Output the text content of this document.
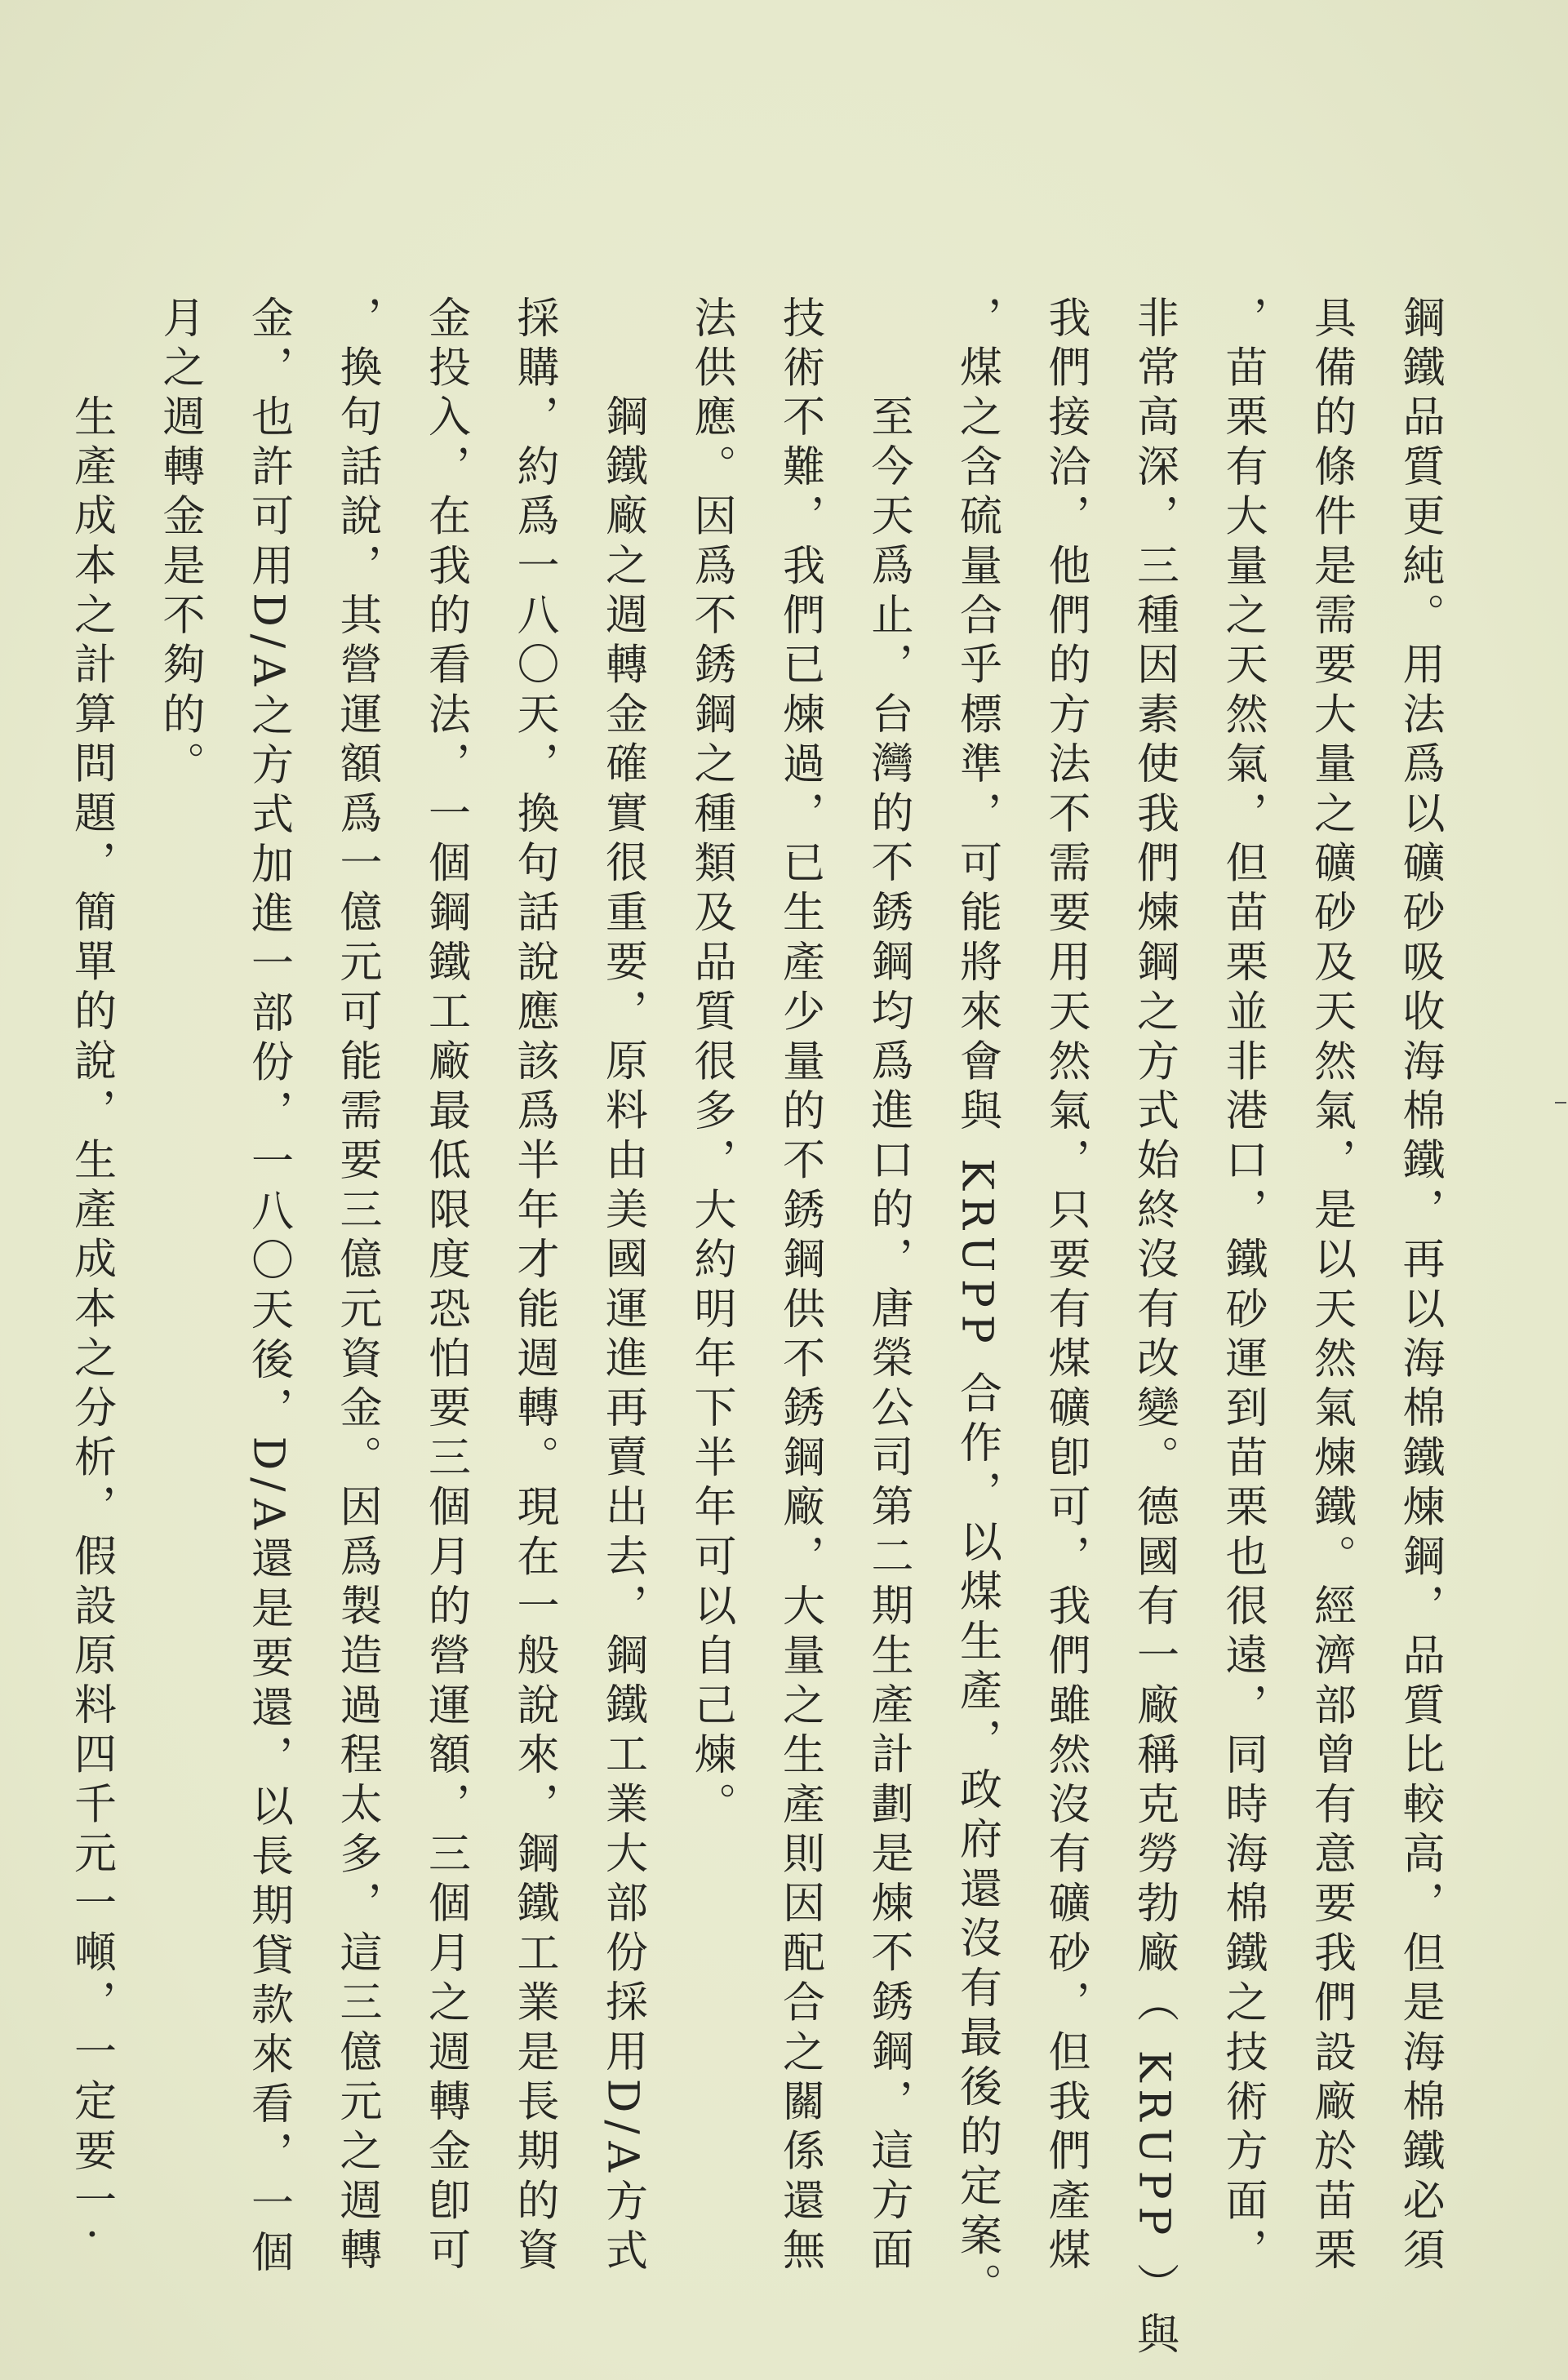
鋼鐵品質更純。用法爲以礦砂吸收海棉鐵，再以海棉鐵煉鋼，品質比較高，但是海棉鐵必須
具備的條件是需要大量之礦砂及天然氣，是以天然氣煉鐵。經濟部曾有意要我們設廠於苗栗
，苗栗有大量之天然氣，但苗栗並非港口，鐵砂運到苗栗也很遠，同時海棉鐵之技術方面，
非常高深，三種因素使我們煉鋼之方式始終沒有改變。德國有一廠稱克勞勃廠（ KRUPP ）與
我們接洽，他們的方法不需要用天然氣，只要有煤礦卽可，我們雖然沒有礦砂，但我們產煤
，煤之含硫量合乎標準，可能將來會與 KRUPP 合作，以煤生產，政府還沒有最後的定案。
至今天爲止，台灣的不銹鋼均爲進口的，唐榮公司第二期生產計劃是煉不銹鋼，這方面
技術不難，我們已煉過，已生產少量的不銹鋼供不銹鋼廠，大量之生產則因配合之關係還無
法供應。因爲不銹鋼之種類及品質很多，大約明年下半年可以自己煉。
鋼鐵廠之週轉金確實很重要，原料由美國運進再賣出去，鋼鐵工業大部份採用D/A方式
採購，約爲一八〇天，換句話說應該爲半年才能週轉。現在一般說來，鋼鐵工業是長期的資
金投入，在我的看法，一個鋼鐵工廠最低限度恐怕要三個月的營運額，三個月之週轉金卽可
，換句話說，其營運額爲一億元可能需要三億元資金。因爲製造過程太多，這三億元之週轉
金，也許可用D/A之方式加進一部份，一八〇天後，D/A還是要還，以長期貸款來看，一個
月之週轉金是不夠的。
生產成本之計算問題，簡單的說，生產成本之分析，假設原料四千元一噸，一定要一·
